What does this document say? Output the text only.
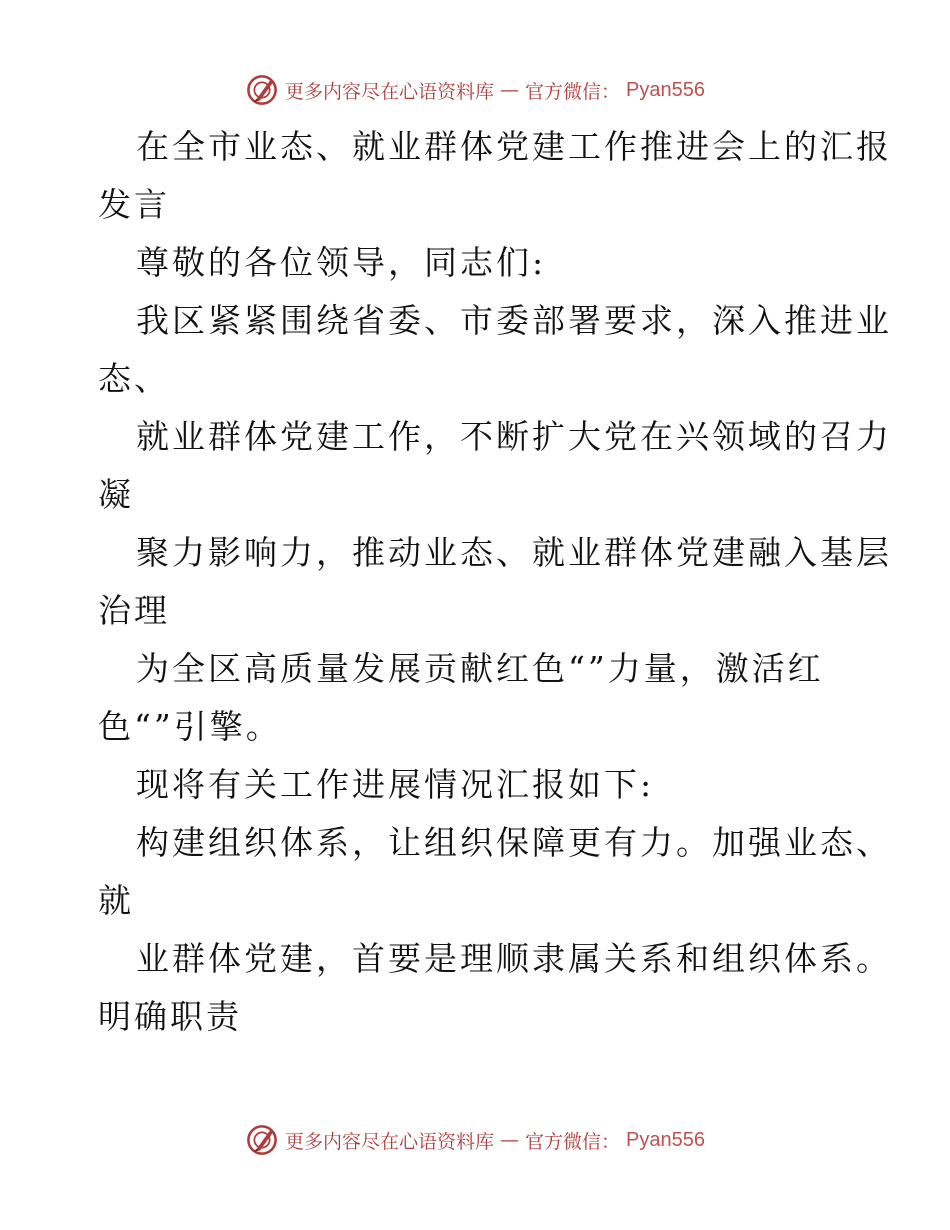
更多内容尽在心语资料库 — 官方微信： Pyan556
在全市业态、就业群体党建工作推进会上的汇报
发言
尊敬的各位领导，同志们:
我区紧紧围绕省委、市委部署要求，深入推进业
态、
就业群体党建工作，不断扩大党在兴领域的召力
凝
聚力影响力，推动业态、就业群体党建融入基层
治理
为全区高质量发展贡献红色“”力量，激活红
色“”引擎。
现将有关工作进展情况汇报如下:
构建组织体系，让组织保障更有力。加强业态、
就
业群体党建，首要是理顺隶属关系和组织体系。
明确职责
更多内容尽在心语资料库 — 官方微信： Pyan556
